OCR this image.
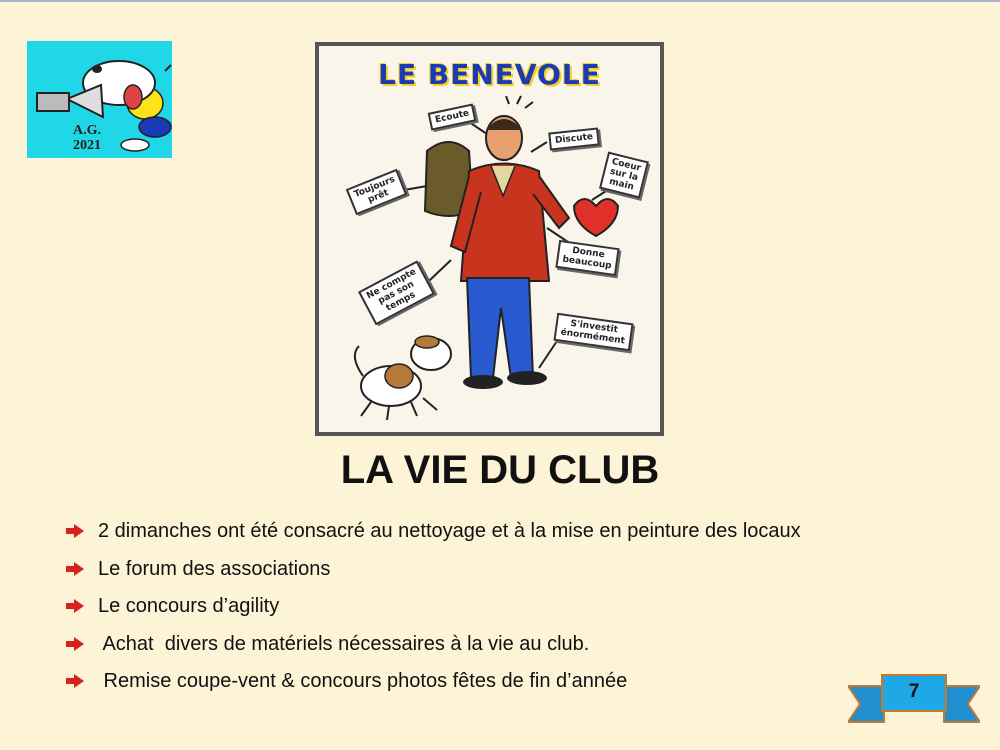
A.G.
2021
LE BENEVOLE
Ecoute
Discute
Coeur
sur la
main
Toujours
prêt
Donne
beaucoup
Ne compte
pas son
temps
S'investit
énormément
LA VIE DU CLUB
2 dimanches ont été consacré au nettoyage et à la mise en peinture des locaux
Le forum des associations
Le concours d’agility
Achat  divers de matériels nécessaires à la vie au club.
Remise coupe-vent & concours photos fêtes de fin d’année	7
